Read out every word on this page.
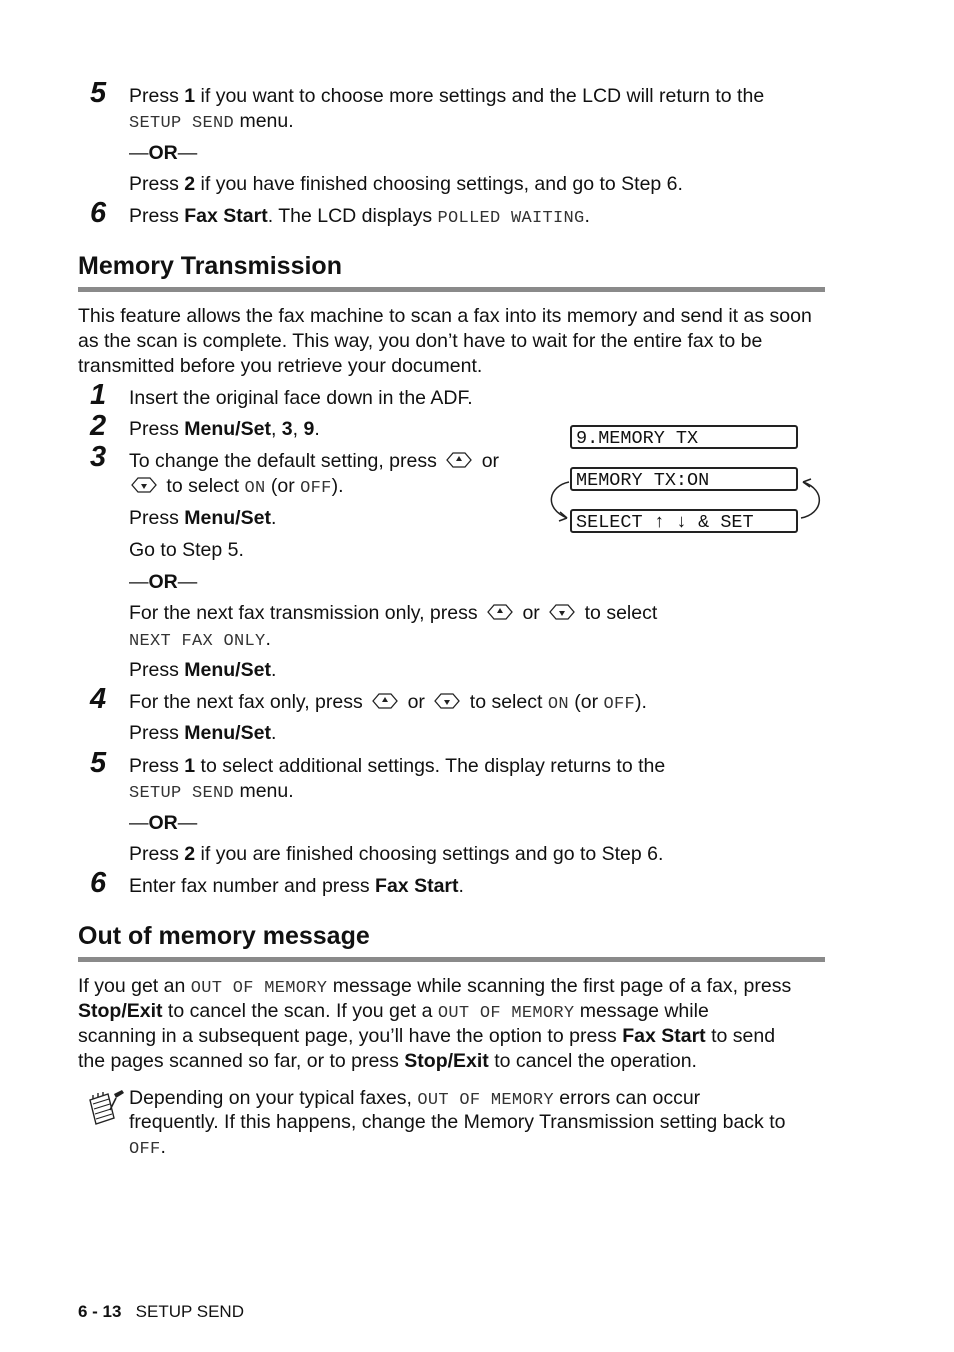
5 Press 1 if you want to choose more settings and the LCD will return to the
SETUP SEND menu.
—OR—
Press 2 if you have finished choosing settings, and go to Step 6.
6 Press Fax Start. The LCD displays POLLED WAITING.
Memory Transmission
This feature allows the fax machine to scan a fax into its memory and send it as soon
as the scan is complete. This way, you don’t have to wait for the entire fax to be
transmitted before you retrieve your document.
1 Insert the original face down in the ADF.
2 Press Menu/Set, 3, 9.
3 To change the default setting, press  or
to select ON (or OFF).
Press Menu/Set.
Go to Step 5.
—OR—
For the next fax transmission only, press  or  to select
NEXT FAX ONLY.
Press Menu/Set.
4 For the next fax only, press  or  to select ON (or OFF).
Press Menu/Set.
5 Press 1 to select additional settings. The display returns to the
SETUP SEND menu.
—OR—
Press 2 if you are finished choosing settings and go to Step 6.
6 Enter fax number and press Fax Start.
9.MEMORY TX
MEMORY TX:ON
SELECT ↑ ↓ & SET
Out of memory message
If you get an OUT OF MEMORY message while scanning the first page of a fax, press
Stop/Exit to cancel the scan. If you get a OUT OF MEMORY message while
scanning in a subsequent page, you’ll have the option to press Fax Start to send
the pages scanned so far, or to press Stop/Exit to cancel the operation.
Depending on your typical faxes, OUT OF MEMORY errors can occur
frequently. If this happens, change the Memory Transmission setting back to
OFF.
6 - 13 SETUP SEND
